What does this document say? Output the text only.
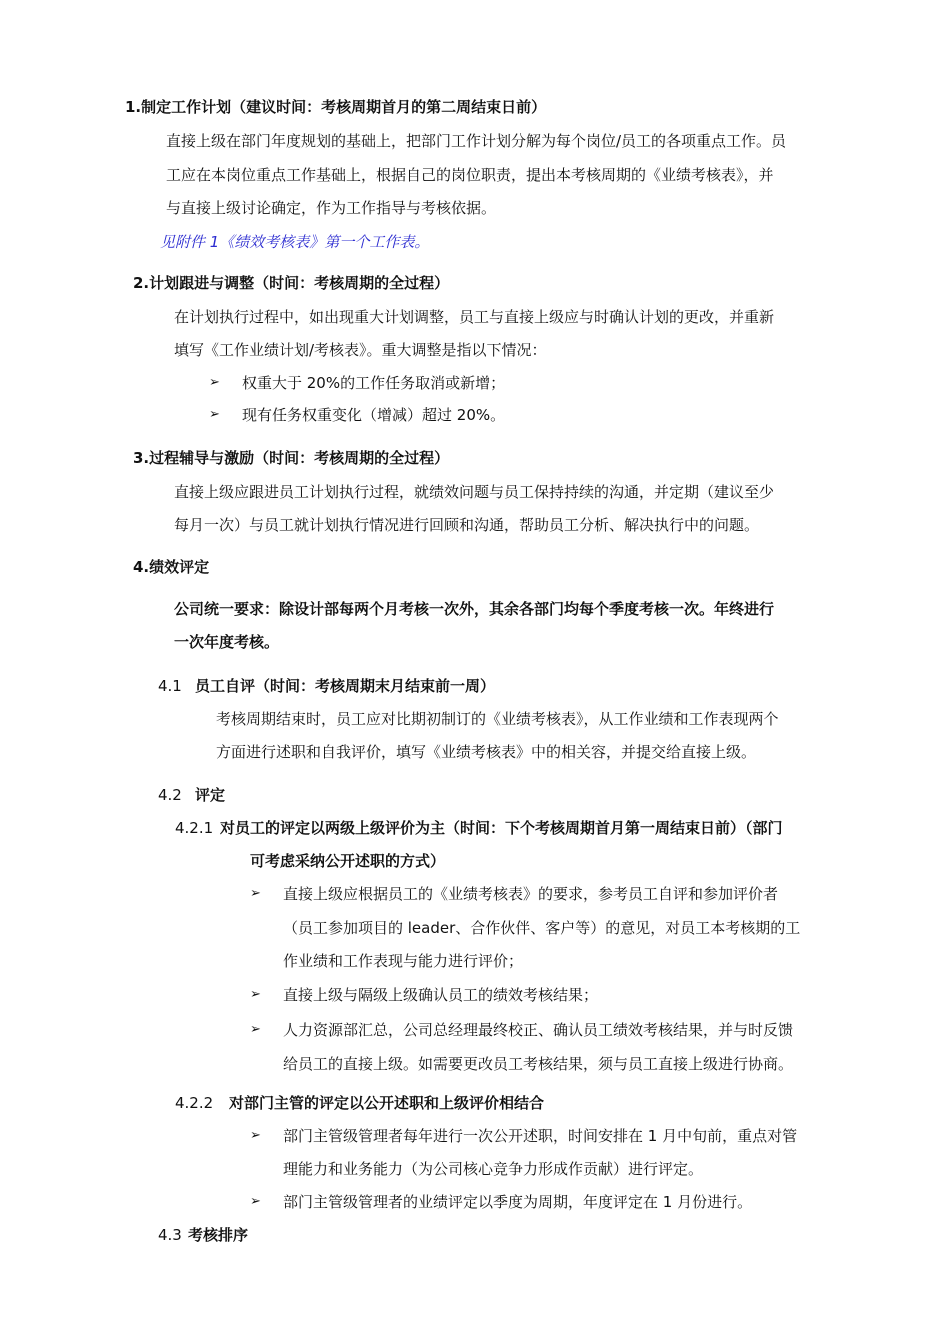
1.制定工作计划（建议时间：考核周期首月的第二周结束日前）
直接上级在部门年度规划的基础上，把部门工作计划分解为每个岗位/员工的各项重点工作。员
工应在本岗位重点工作基础上，根据自己的岗位职责，提出本考核周期的《业绩考核表》，并
与直接上级讨论确定，作为工作指导与考核依据。
见附件 1《绩效考核表》第一个工作表。
2.计划跟进与调整（时间：考核周期的全过程）
在计划执行过程中，如出现重大计划调整，员工与直接上级应与时确认计划的更改，并重新
填写《工作业绩计划/考核表》。重大调整是指以下情况：
➢ 权重大于 20%的工作任务取消或新增；
➢ 现有任务权重变化（增减）超过 20%。
3.过程辅导与激励（时间：考核周期的全过程）
直接上级应跟进员工计划执行过程，就绩效问题与员工保持持续的沟通，并定期（建议至少
每月一次）与员工就计划执行情况进行回顾和沟通，帮助员工分析、解决执行中的问题。
4.绩效评定
公司统一要求：除设计部每两个月考核一次外，其余各部门均每个季度考核一次。年终进行
一次年度考核。
4.1 员工自评（时间：考核周期末月结束前一周）
考核周期结束时，员工应对比期初制订的《业绩考核表》，从工作业绩和工作表现两个
方面进行述职和自我评价，填写《业绩考核表》中的相关容，并提交给直接上级。
4.2 评定
4.2.1 对员工的评定以两级上级评价为主（时间：下个考核周期首月第一周结束日前）（部门
可考虑采纳公开述职的方式）
➢ 直接上级应根据员工的《业绩考核表》的要求，参考员工自评和参加评价者
（员工参加项目的 leader、合作伙伴、客户等）的意见，对员工本考核期的工
作业绩和工作表现与能力进行评价；
➢ 直接上级与隔级上级确认员工的绩效考核结果；
➢ 人力资源部汇总，公司总经理最终校正、确认员工绩效考核结果，并与时反馈
给员工的直接上级。如需要更改员工考核结果，须与员工直接上级进行协商。
4.2.2 对部门主管的评定以公开述职和上级评价相结合
➢ 部门主管级管理者每年进行一次公开述职，时间安排在 1 月中旬前，重点对管
理能力和业务能力（为公司核心竞争力形成作贡献）进行评定。
➢ 部门主管级管理者的业绩评定以季度为周期，年度评定在 1 月份进行。
4.3 考核排序
